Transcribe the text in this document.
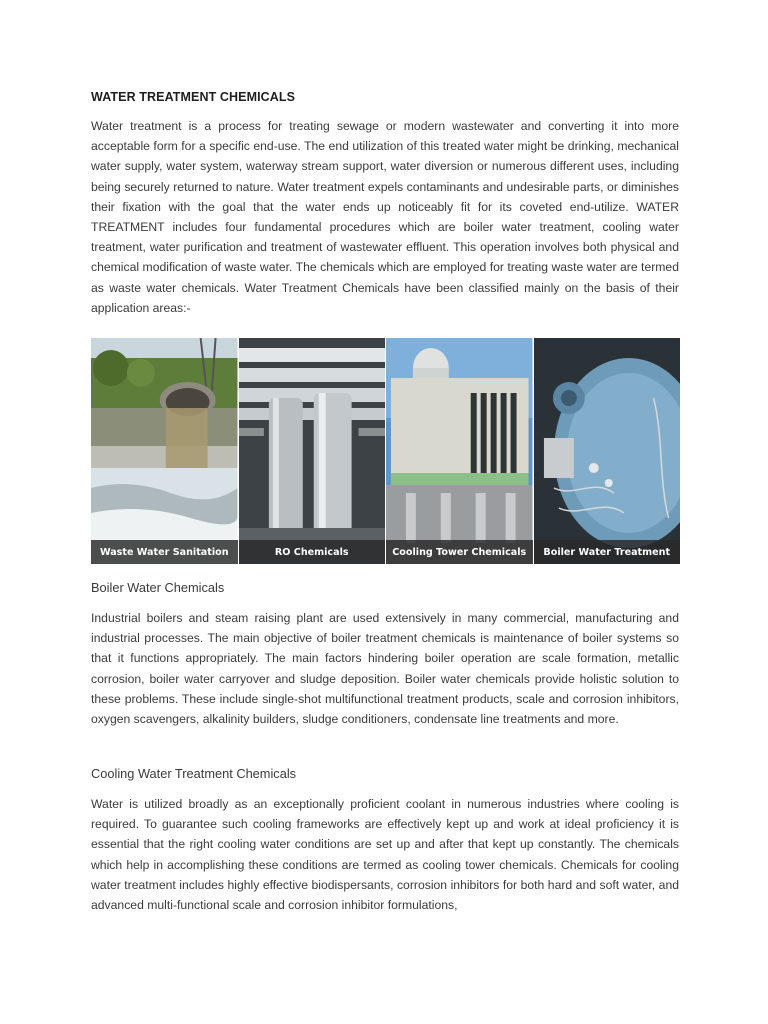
WATER TREATMENT CHEMICALS

Water treatment is a process for treating sewage or modern wastewater and converting it into more acceptable form for a specific end-use. The end utilization of this treated water might be drinking, mechanical water supply, water system, waterway stream support, water diversion or numerous different uses, including being securely returned to nature. Water treatment expels contaminants and undesirable parts, or diminishes their fixation with the goal that the water ends up noticeably fit for its coveted end-utilize. WATER TREATMENT includes four fundamental procedures which are boiler water treatment, cooling water treatment, water purification and treatment of wastewater effluent. This operation involves both physical and chemical modification of waste water. The chemicals which are employed for treating waste water are termed as waste water chemicals. Water Treatment Chemicals have been classified mainly on the basis of their application areas:-

Waste Water Sanitation	RO Chemicals	Cooling Tower Chemicals	Boiler Water Treatment
Boiler Water Chemicals

Industrial boilers and steam raising plant are used extensively in many commercial, manufacturing and industrial processes. The main objective of boiler treatment chemicals is maintenance of boiler systems so that it functions appropriately. The main factors hindering boiler operation are scale formation, metallic corrosion, boiler water carryover and sludge deposition. Boiler water chemicals provide holistic solution to these problems. These include single-shot multifunctional treatment products, scale and corrosion inhibitors, oxygen scavengers, alkalinity builders, sludge conditioners, condensate line treatments and more.

Cooling Water Treatment Chemicals

Water is utilized broadly as an exceptionally proficient coolant in numerous industries where cooling is required. To guarantee such cooling frameworks are effectively kept up and work at ideal proficiency it is essential that the right cooling water conditions are set up and after that kept up constantly. The chemicals which help in accomplishing these conditions are termed as cooling tower chemicals. Chemicals for cooling water treatment includes highly effective biodispersants, corrosion inhibitors for both hard and soft water, and advanced multi-functional scale and corrosion inhibitor formulations,
